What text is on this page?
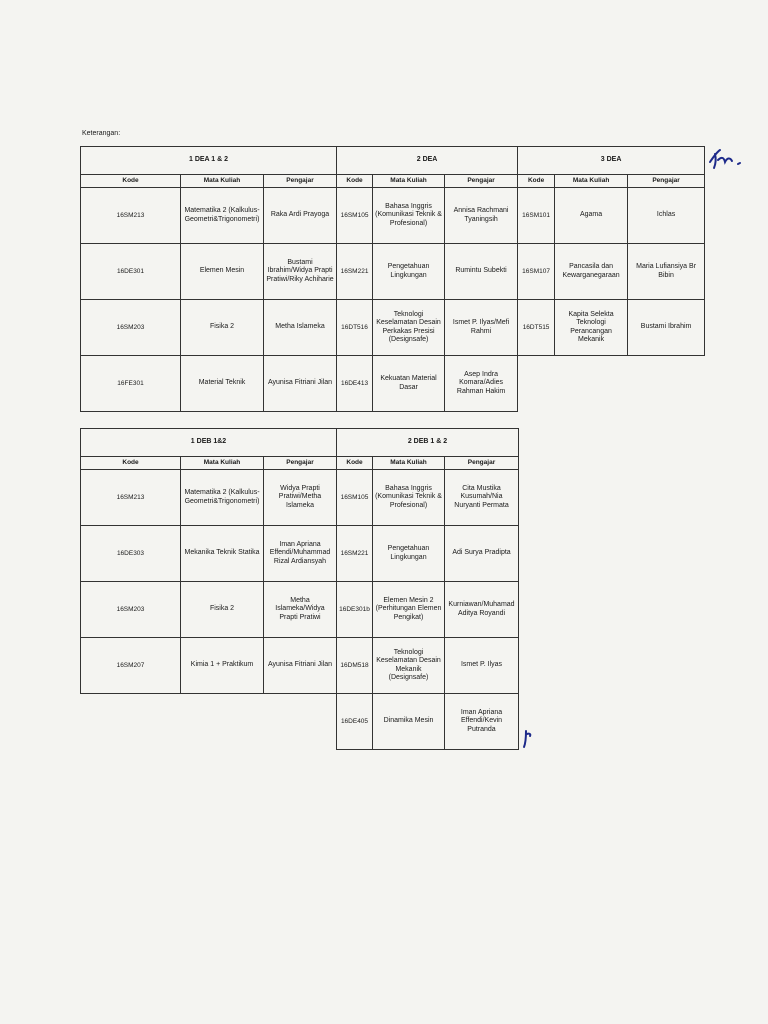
Keterangan:
1 DEA 1 & 2			2 DEA			3 DEA		
Kode	Mata Kuliah	Pengajar	Kode	Mata Kuliah	Pengajar	Kode	Mata Kuliah	Pengajar
16SM213	Matematika 2 (Kalkulus-Geometri&Trigonometri)	Raka Ardi Prayoga	16SM105	Bahasa Inggris (Komunikasi Teknik & Profesional)	Annisa Rachmani Tyaningsih	16SM101	Agama	Ichlas
16DE301	Elemen Mesin	Bustami Ibrahim/Widya Prapti Pratiwi/Riky Achiharie	16SM221	Pengetahuan Lingkungan	Rumintu Subekti	16SM107	Pancasila dan Kewarganegaraan	Maria Lufiansiya Br Bibin
16SM203	Fisika 2	Metha Islameka	16DT516	Teknologi Keselamatan Desain Perkakas Presisi (Designsafe)	Ismet P. Ilyas/Mefi Rahmi	16DT515	Kapita Selekta Teknologi Perancangan Mekanik	Bustami Ibrahim
16FE301	Material Teknik	Ayunisa Fitriani Jilan	16DE413	Kekuatan Material Dasar	Asep Indra Komara/Adies Rahman Hakim			
1 DEB 1&2			2 DEB 1 & 2		
Kode	Mata Kuliah	Pengajar	Kode	Mata Kuliah	Pengajar
16SM213	Matematika 2 (Kalkulus-Geometri&Trigonometri)	Widya Prapti Pratiwi/Metha Islameka	16SM105	Bahasa Inggris (Komunikasi Teknik & Profesional)	Cita Mustika Kusumah/Nia Nuryanti Permata
16DE303	Mekanika Teknik Statika	Iman Apriana Effendi/Muhammad Rizal Ardiansyah	16SM221	Pengetahuan Lingkungan	Adi Surya Pradipta
16SM203	Fisika 2	Metha Islameka/Widya Prapti Pratiwi	16DE301b	Elemen Mesin 2 (Perhitungan Elemen Pengikat)	Kurniawan/Muhamad Aditya Royandi
16SM207	Kimia 1 + Praktikum	Ayunisa Fitriani Jilan	16DM518	Teknologi Keselamatan Desain Mekanik (Designsafe)	Ismet P. Ilyas
			16DE405	Dinamika Mesin	Iman Apriana Effendi/Kevin Putranda
